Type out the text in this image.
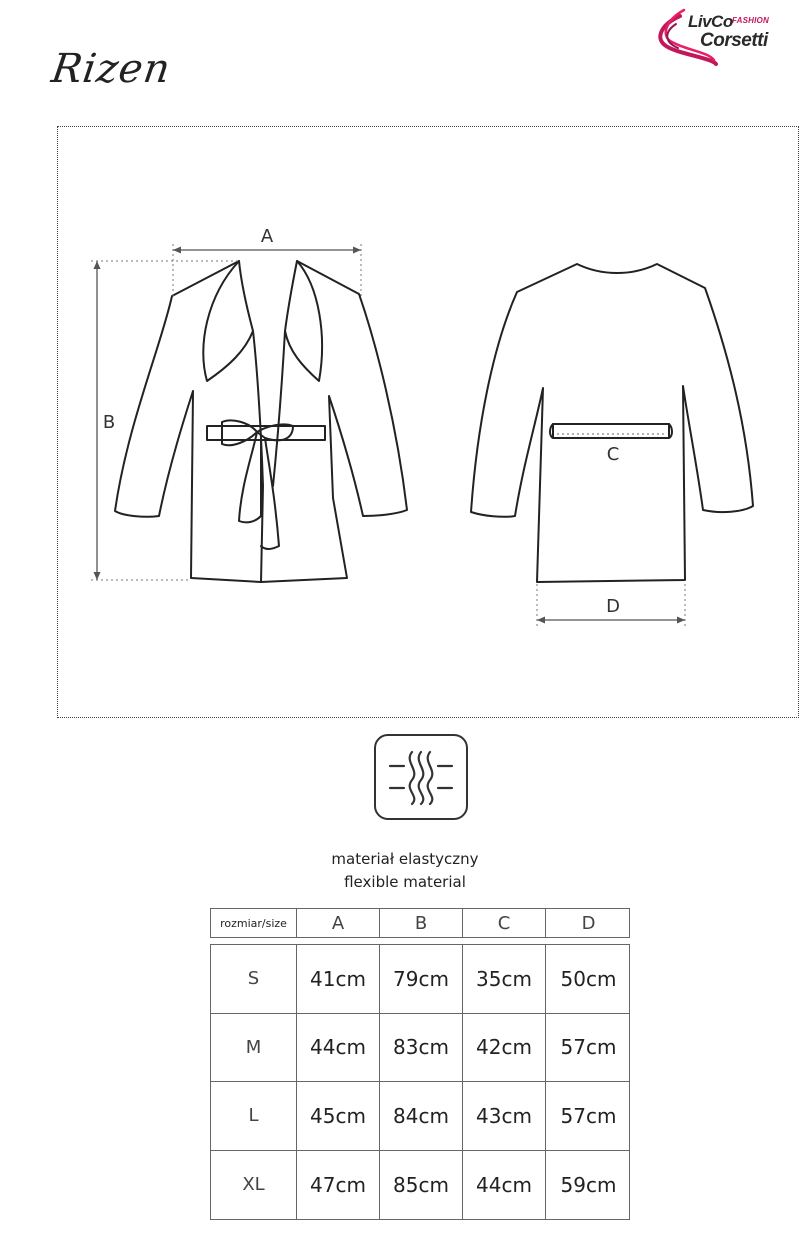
LivCo FASHION
Corsetti
Rizen
A
B
C
D
materiał elastyczny
flexible material
rozmiar/size	A	B	C	D
S	41cm	79cm	35cm	50cm
M	44cm	83cm	42cm	57cm
L	45cm	84cm	43cm	57cm
XL	47cm	85cm	44cm	59cm
